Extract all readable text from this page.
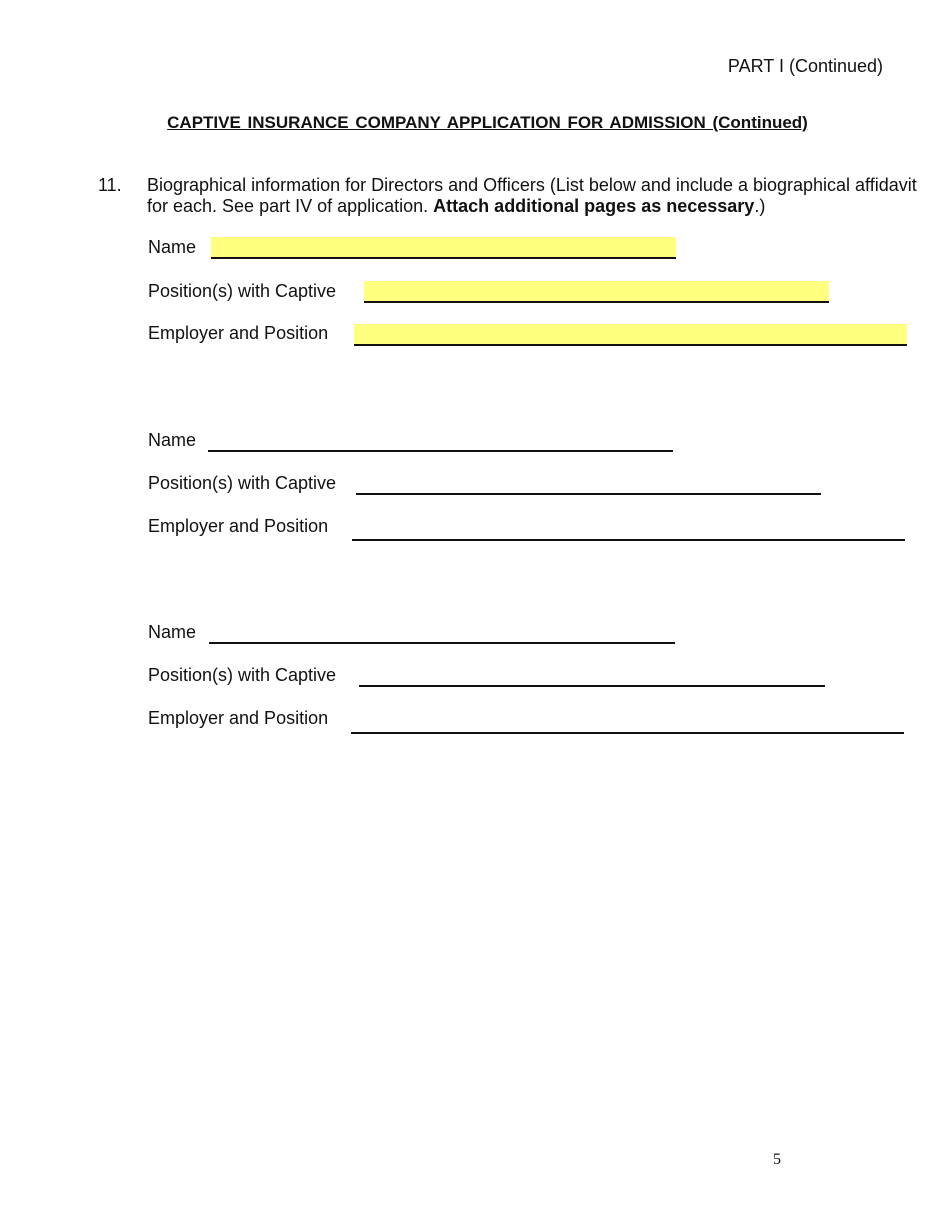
PART I (Continued)
CAPTIVE INSURANCE COMPANY APPLICATION FOR ADMISSION (Continued)
11. Biographical information for Directors and Officers (List below and include a biographical affidavit for each. See part IV of application. Attach additional pages as necessary.)
Name
Position(s) with Captive
Employer and Position
Name
Position(s) with Captive
Employer and Position
Name
Position(s) with Captive
Employer and Position
5
